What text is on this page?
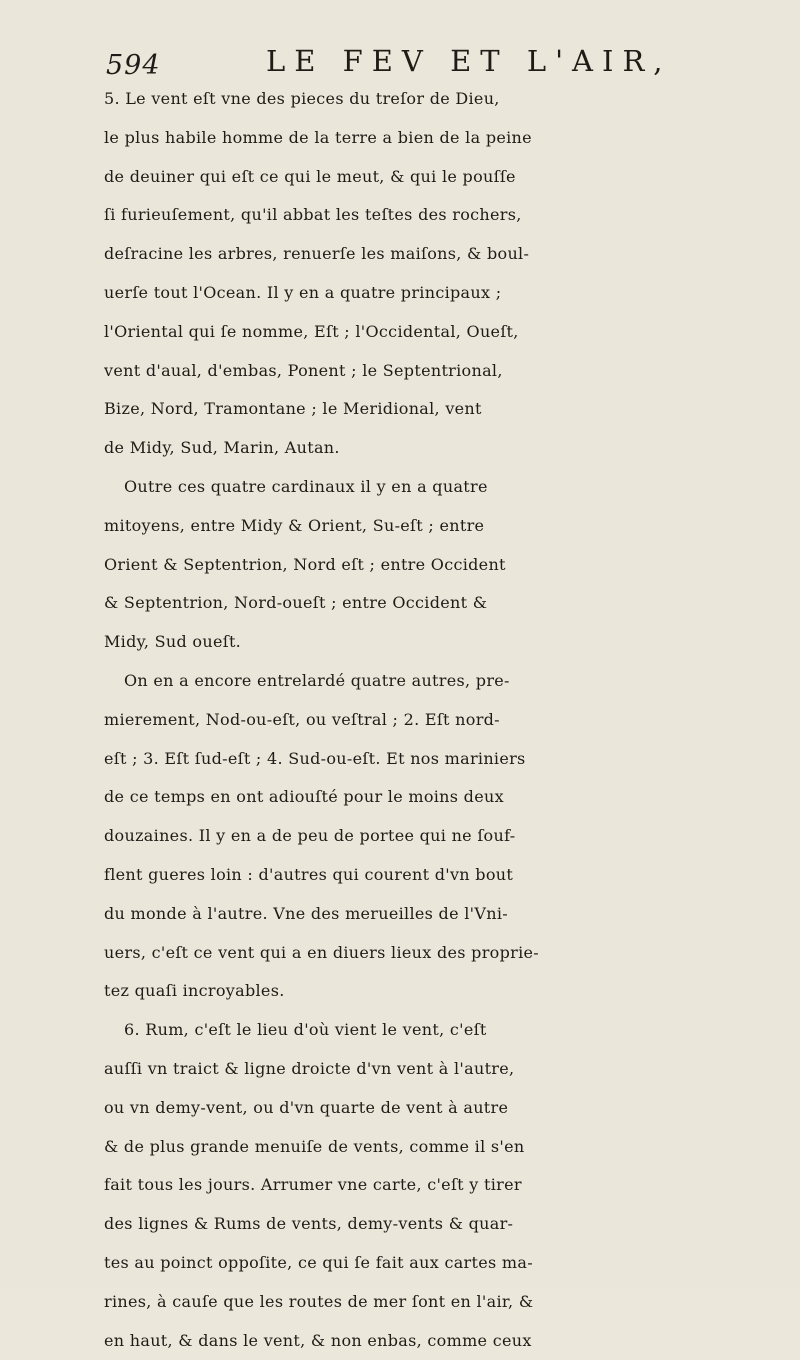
594	LE FEV ET L'AIR,
5. Le vent eſt vne des pieces du treſor de Dieu,
le plus habile homme de la terre a bien de la peine
de deuiner qui eſt ce qui le meut, & qui le pouſſe
ſi furieuſement, qu'il abbat les teſtes des rochers,
deſracine les arbres, renuerſe les maiſons, & boul-
uerſe tout l'Ocean. Il y en a quatre principaux ;
l'Oriental qui ſe nomme, Eſt ; l'Occidental, Oueſt,
vent d'aual, d'embas, Ponent ; le Septentrional,
Bize, Nord, Tramontane ; le Meridional, vent
de Midy, Sud, Marin, Autan.
Outre ces quatre cardinaux il y en a quatre
mitoyens, entre Midy & Orient, Su-eſt ; entre
Orient & Septentrion, Nord eſt ; entre Occident
& Septentrion, Nord-oueſt ; entre Occident &
Midy, Sud oueſt.
On en a encore entrelardé quatre autres, pre-
mierement, Nod-ou-eſt, ou veſtral ; 2. Eſt nord-
eſt ; 3. Eſt ſud-eſt ; 4. Sud-ou-eſt. Et nos mariniers
de ce temps en ont adiouſté pour le moins deux
douzaines. Il y en a de peu de portee qui ne ſouf-
flent gueres loin : d'autres qui courent d'vn bout
du monde à l'autre. Vne des merueilles de l'Vni-
uers, c'eſt ce vent qui a en diuers lieux des proprie-
tez quaſi incroyables.
6. Rum, c'eſt le lieu d'où vient le vent, c'eſt
auſſi vn traict & ligne droicte d'vn vent à l'autre,
ou vn demy-vent, ou d'vn quarte de vent à autre
& de plus grande menuiſe de vents, comme il s'en
fait tous les jours. Arrumer vne carte, c'eſt y tirer
des lignes & Rums de vents, demy-vents & quar-
tes au poinct oppoſite, ce qui ſe fait aux cartes ma-
rines, à cauſe que les routes de mer ſont en l'air, &
en haut, & dans le vent, & non enbas, comme ceux
